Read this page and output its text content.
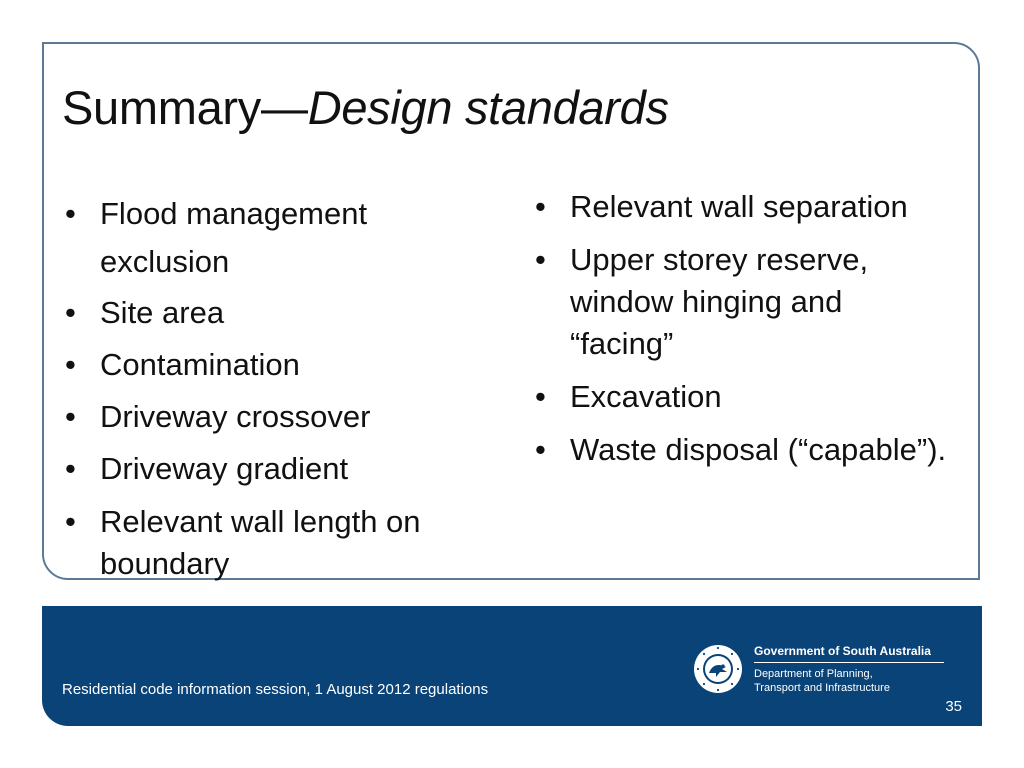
Summary—Design standards
• Flood management exclusion
• Site area
• Contamination
• Driveway crossover
• Driveway gradient
• Relevant wall length on boundary
• Relevant wall separation
• Upper storey reserve, window hinging and “facing”
• Excavation
• Waste disposal (“capable”).
Residential code information session, 1 August 2012 regulations
Government of South Australia
Department of Planning,
Transport and Infrastructure
35
